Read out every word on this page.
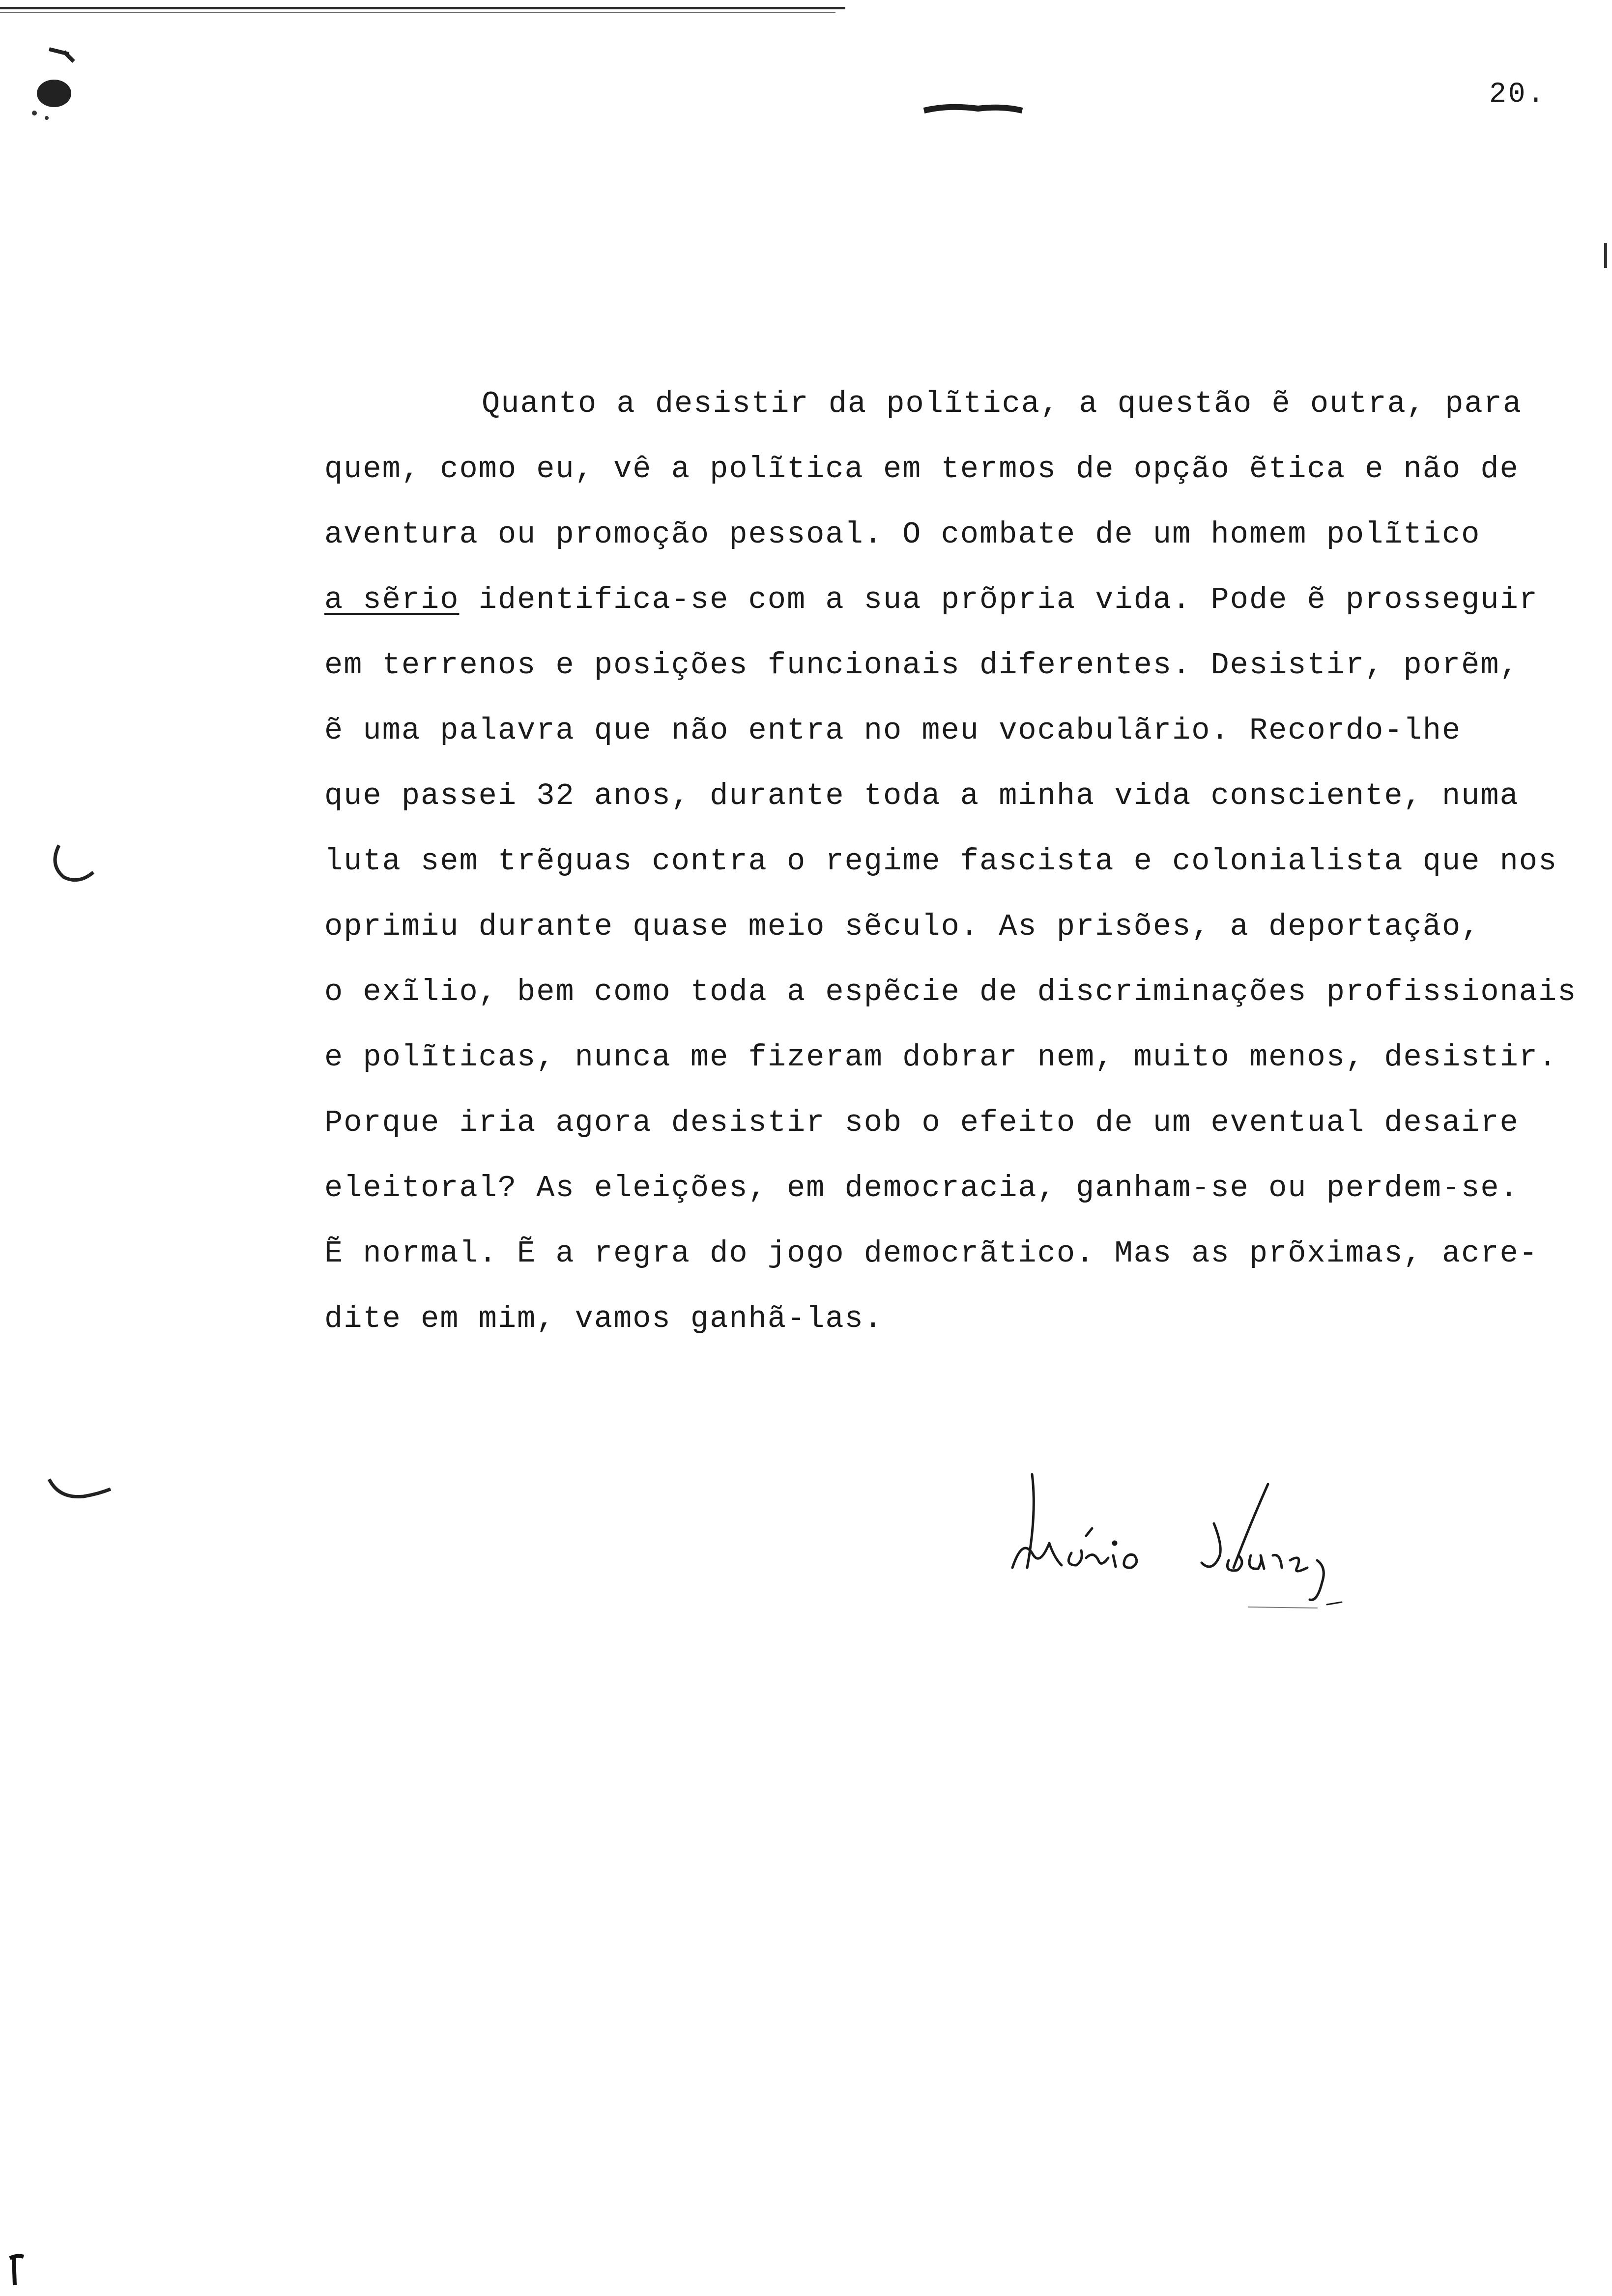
20.
Quanto a desistir da polĩtica, a questão ẽ outra, para
quem, como eu, vê a polĩtica em termos de opção ẽtica e não de
aventura ou promoção pessoal. O combate de um homem polĩtico
a sẽrio identifica-se com a sua prõpria vida. Pode ẽ prosseguir
em terrenos e posições funcionais diferentes. Desistir, porẽm,
ẽ uma palavra que não entra no meu vocabulãrio. Recordo-lhe
que passei 32 anos, durante toda a minha vida consciente, numa
luta sem trẽguas contra o regime fascista e colonialista que nos
oprimiu durante quase meio sẽculo. As prisões, a deportação,
o exĩlio, bem como toda a espẽcie de discriminações profissionais
e polĩticas, nunca me fizeram dobrar nem, muito menos, desistir.
Porque iria agora desistir sob o efeito de um eventual desaire
eleitoral? As eleições, em democracia, ganham-se ou perdem-se.
Ẽ normal. Ẽ a regra do jogo democrãtico. Mas as prõximas, acre-
dite em mim, vamos ganhã-las.
